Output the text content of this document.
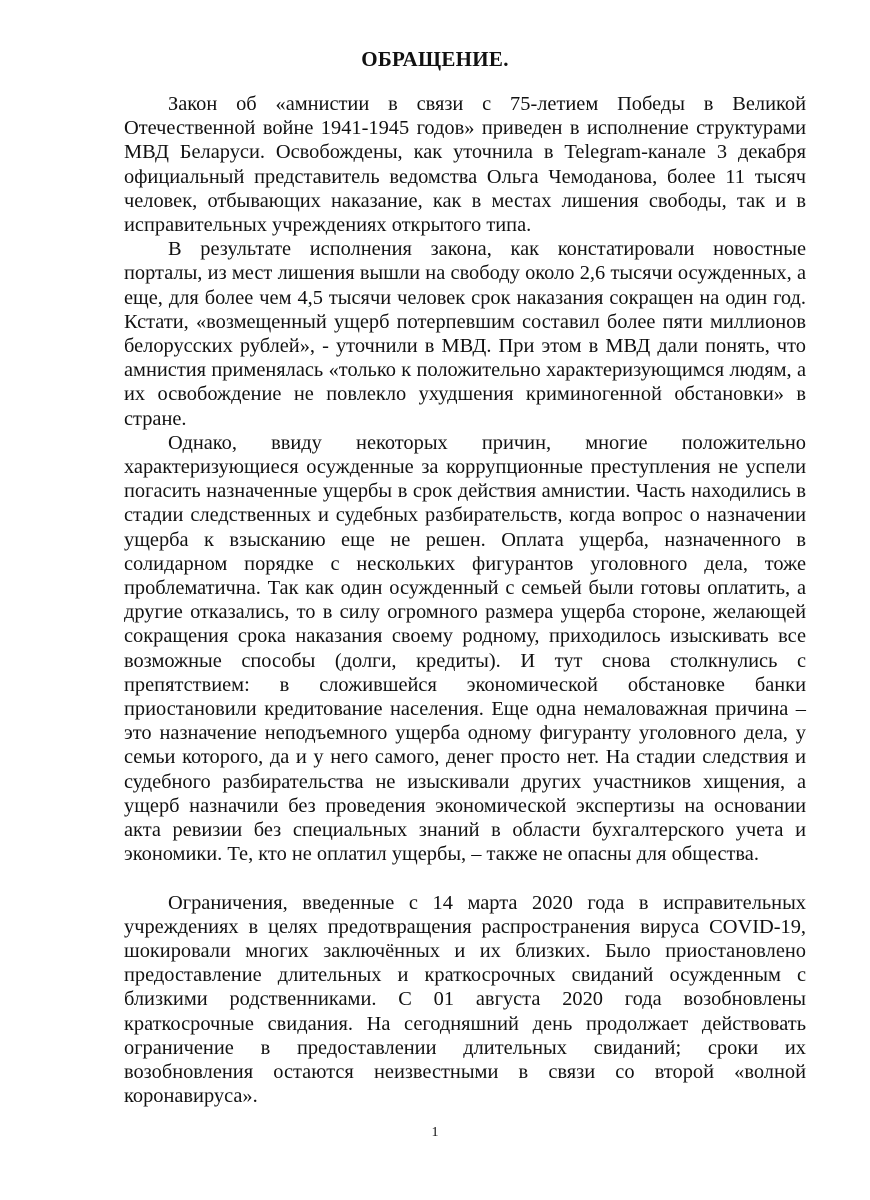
ОБРАЩЕНИЕ.

Закон об «амнистии в связи с 75-летием Победы в Великой Отечественной войне 1941-1945 годов» приведен в исполнение структурами МВД Беларуси. Освобождены, как уточнила в Telegram-канале 3 декабря официальный представитель ведомства Ольга Чемоданова, более 11 тысяч человек, отбывающих наказание, как в местах лишения свободы, так и в исправительных учреждениях открытого типа.

В результате исполнения закона, как констатировали новостные порталы, из мест лишения вышли на свободу около 2,6 тысячи осужденных, а еще, для более чем 4,5 тысячи человек срок наказания сокращен на один год. Кстати, «возмещенный ущерб потерпевшим составил более пяти миллионов белорусских рублей», - уточнили в МВД. При этом в МВД дали понять, что амнистия применялась «только к положительно характеризующимся людям, а их освобождение не повлекло ухудшения криминогенной обстановки» в стране.

Однако, ввиду некоторых причин, многие положительно характеризующиеся осужденные за коррупционные преступления не успели погасить назначенные ущербы в срок действия амнистии. Часть находились в стадии следственных и судебных разбирательств, когда вопрос о назначении ущерба к взысканию еще не решен. Оплата ущерба, назначенного в солидарном порядке с нескольких фигурантов уголовного дела, тоже проблематична. Так как один осужденный с семьей были готовы оплатить, а другие отказались, то в силу огромного размера ущерба стороне, желающей сокращения срока наказания своему родному, приходилось изыскивать все возможные способы (долги, кредиты). И тут снова столкнулись с препятствием: в сложившейся экономической обстановке банки приостановили кредитование населения. Еще одна немаловажная причина – это назначение неподъемного ущерба одному фигуранту уголовного дела, у семьи которого, да и у него самого, денег просто нет. На стадии следствия и судебного разбирательства не изыскивали других участников хищения, а ущерб назначили без проведения экономической экспертизы на основании акта ревизии без специальных знаний в области бухгалтерского учета и экономики. Те, кто не оплатил ущербы, – также не опасны для общества.

Ограничения, введенные с 14 марта 2020 года в исправительных учреждениях в целях предотвращения распространения вируса COVID-19, шокировали многих заключённых и их близких. Было приостановлено предоставление длительных и краткосрочных свиданий осужденным с близкими родственниками. С 01 августа 2020 года возобновлены краткосрочные свидания. На сегодняшний день продолжает действовать ограничение в предоставлении длительных свиданий; сроки их возобновления остаются неизвестными в связи со второй «волной коронавируса».

1
